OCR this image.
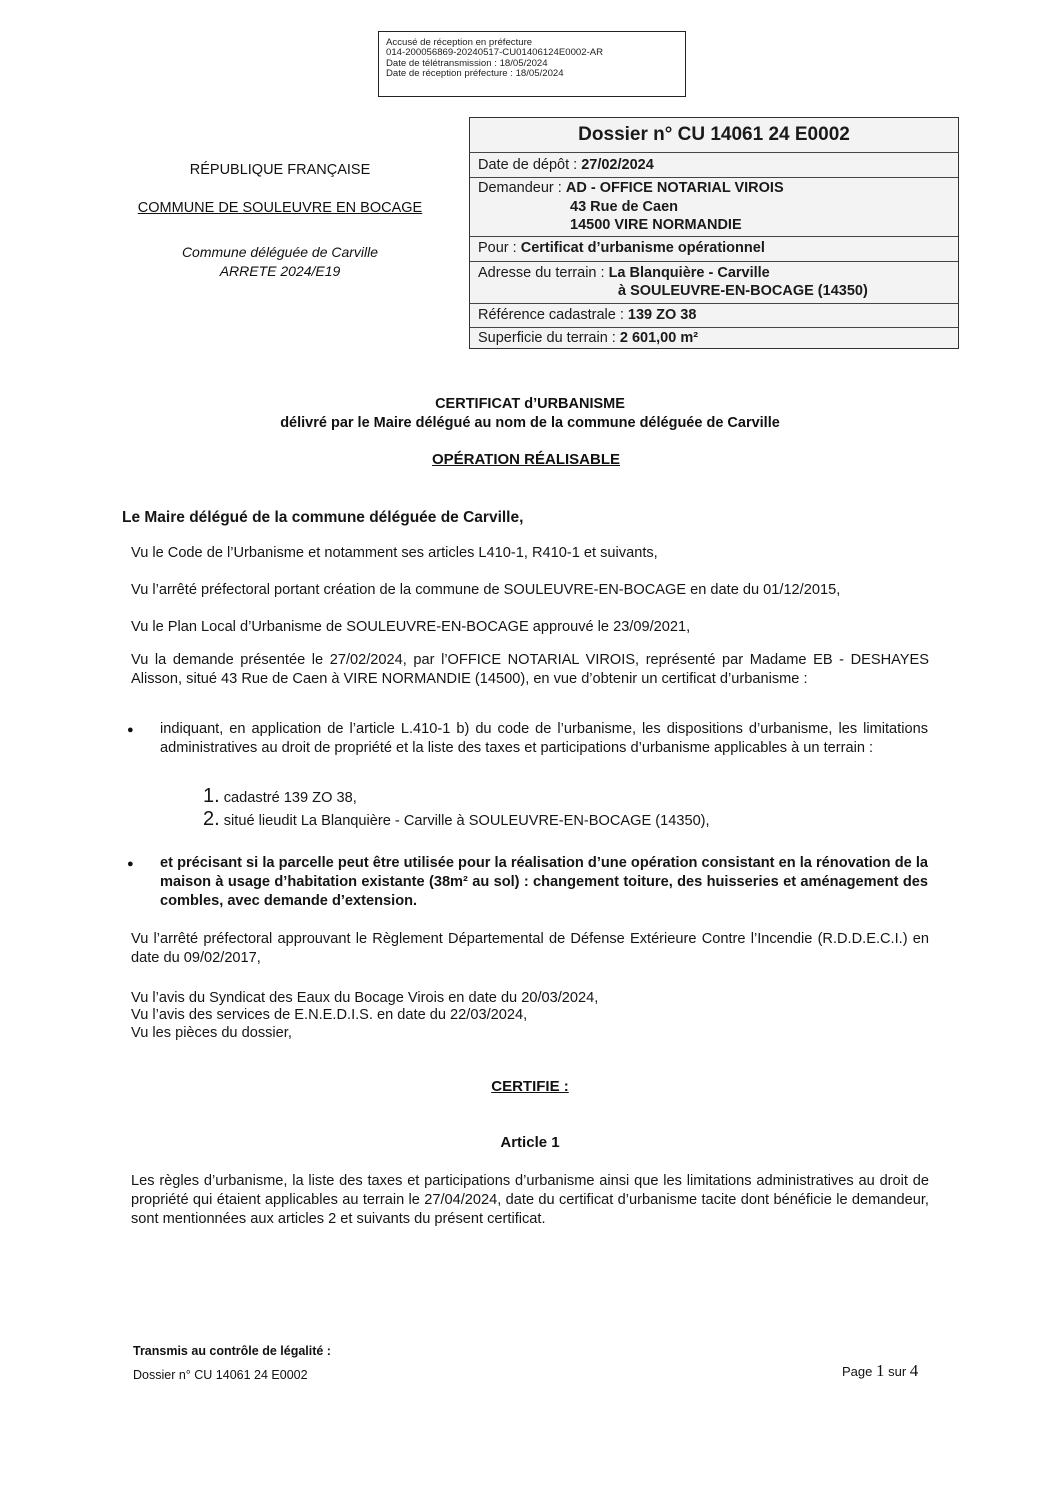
Accusé de réception en préfecture
014-200056869-20240517-CU01406124E0002-AR
Date de télétransmission : 18/05/2024
Date de réception préfecture : 18/05/2024
RÉPUBLIQUE FRANÇAISE
COMMUNE DE SOULEUVRE EN BOCAGE
Commune déléguée de Carville
ARRETE 2024/E19
Dossier n° CU 14061 24 E0002
Date de dépôt : 27/02/2024
Demandeur : AD - OFFICE NOTARIAL VIROIS
43 Rue de Caen
14500 VIRE NORMANDIE
Pour : Certificat d’urbanisme opérationnel
Adresse du terrain : La Blanquière - Carville
à SOULEUVRE-EN-BOCAGE (14350)
Référence cadastrale : 139 ZO 38
Superficie du terrain : 2 601,00 m²
CERTIFICAT d’URBANISME
délivré par le Maire délégué au nom de la commune déléguée de Carville
OPÉRATION RÉALISABLE
Le Maire délégué de la commune déléguée de Carville,
Vu le Code de l’Urbanisme et notamment ses articles L410-1, R410-1 et suivants,
Vu l’arrêté préfectoral portant création de la commune de SOULEUVRE-EN-BOCAGE en date du 01/12/2015,
Vu le Plan Local d’Urbanisme de SOULEUVRE-EN-BOCAGE approuvé le 23/09/2021,
Vu la demande présentée le 27/02/2024, par l’OFFICE NOTARIAL VIROIS, représenté par Madame EB - DESHAYES Alisson, situé 43 Rue de Caen à VIRE NORMANDIE (14500), en vue d’obtenir un certificat d’urbanisme :
● indiquant, en application de l’article L.410-1 b) du code de l’urbanisme, les dispositions d’urbanisme, les limitations administratives au droit de propriété et la liste des taxes et participations d’urbanisme applicables à un terrain :
1. cadastré 139 ZO 38,
2. situé lieudit La Blanquière - Carville à SOULEUVRE-EN-BOCAGE (14350),
● et précisant si la parcelle peut être utilisée pour la réalisation d’une opération consistant en la rénovation de la maison à usage d’habitation existante (38m² au sol) : changement toiture, des huisseries et aménagement des combles, avec demande d’extension.
Vu l’arrêté préfectoral approuvant le Règlement Départemental de Défense Extérieure Contre l’Incendie (R.D.D.E.C.I.) en date du 09/02/2017,
Vu l’avis du Syndicat des Eaux du Bocage Virois en date du 20/03/2024,
Vu l’avis des services de E.N.E.D.I.S. en date du 22/03/2024,
Vu les pièces du dossier,
CERTIFIE :
Article 1
Les règles d’urbanisme, la liste des taxes et participations d’urbanisme ainsi que les limitations administratives au droit de propriété qui étaient applicables au terrain le 27/04/2024, date du certificat d’urbanisme tacite dont bénéficie le demandeur, sont mentionnées aux articles 2 et suivants du présent certificat.
Transmis au contrôle de légalité :
Dossier n° CU 14061 24 E0002	Page 1 sur 4
